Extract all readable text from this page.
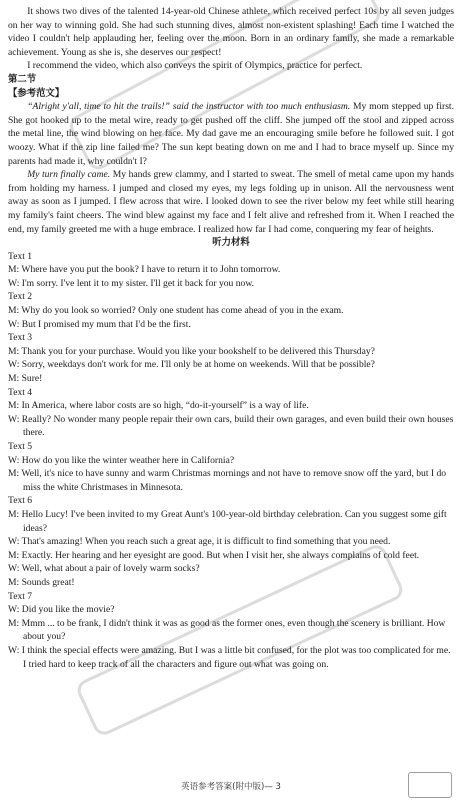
It shows two dives of the talented 14-year-old Chinese athlete, which received perfect 10s by all seven judges on her way to winning gold. She had such stunning dives, almost non-existent splashing! Each time I watched the video I couldn't help applauding her, feeling over the moon. Born in an ordinary family, she made a remarkable achievement. Young as she is, she deserves our respect!

I recommend the video, which also conveys the spirit of Olympics, practice for perfect.

第二节

【参考范文】

“Alright y'all, time to hit the trails!” said the instructor with too much enthusiasm. My mom stepped up first. She got hooked up to the metal wire, ready to get pushed off the cliff. She jumped off the stool and zipped across the metal line, the wind blowing on her face. My dad gave me an encouraging smile before he followed suit. I got woozy. What if the zip line failed me? The sun kept beating down on me and I had to brace myself up. Since my parents had made it, why couldn't I?

My turn finally came. My hands grew clammy, and I started to sweat. The smell of metal came upon my hands from holding my harness. I jumped and closed my eyes, my legs folding up in unison. All the nervousness went away as soon as I jumped. I flew across that wire. I looked down to see the river below my feet while still hearing my family's faint cheers. The wind blew against my face and I felt alive and refreshed from it. When I reached the end, my family greeted me with a huge embrace. I realized how far I had come, conquering my fear of heights.

听力材料

Text 1

M: Where have you put the book? I have to return it to John tomorrow.

W: I'm sorry. I've lent it to my sister. I'll get it back for you now.

Text 2

M: Why do you look so worried? Only one student has come ahead of you in the exam.

W: But I promised my mum that I'd be the first.

Text 3

M: Thank you for your purchase. Would you like your bookshelf to be delivered this Thursday?

W: Sorry, weekdays don't work for me. I'll only be at home on weekends. Will that be possible?

M: Sure!

Text 4

M: In America, where labor costs are so high, “do-it-yourself” is a way of life.

W: Really? No wonder many people repair their own cars, build their own garages, and even build their own houses there.

Text 5

W: How do you like the winter weather here in California?

M: Well, it's nice to have sunny and warm Christmas mornings and not have to remove snow off the yard, but I do miss the white Christmases in Minnesota.

Text 6

M: Hello Lucy! I've been invited to my Great Aunt's 100-year-old birthday celebration. Can you suggest some gift ideas?

W: That's amazing! When you reach such a great age, it is difficult to find something that you need.

M: Exactly. Her hearing and her eyesight are good. But when I visit her, she always complains of cold feet.

W: Well, what about a pair of lovely warm socks?

M: Sounds great!

Text 7

W: Did you like the movie?

M: Mmm ... to be frank, I didn't think it was as good as the former ones, even though the scenery is brilliant. How about you?

W: I think the special effects were amazing. But I was a little bit confused, for the plot was too complicated for me. I tried hard to keep track of all the characters and figure out what was going on.

英语参考答案(附中版)— 3
